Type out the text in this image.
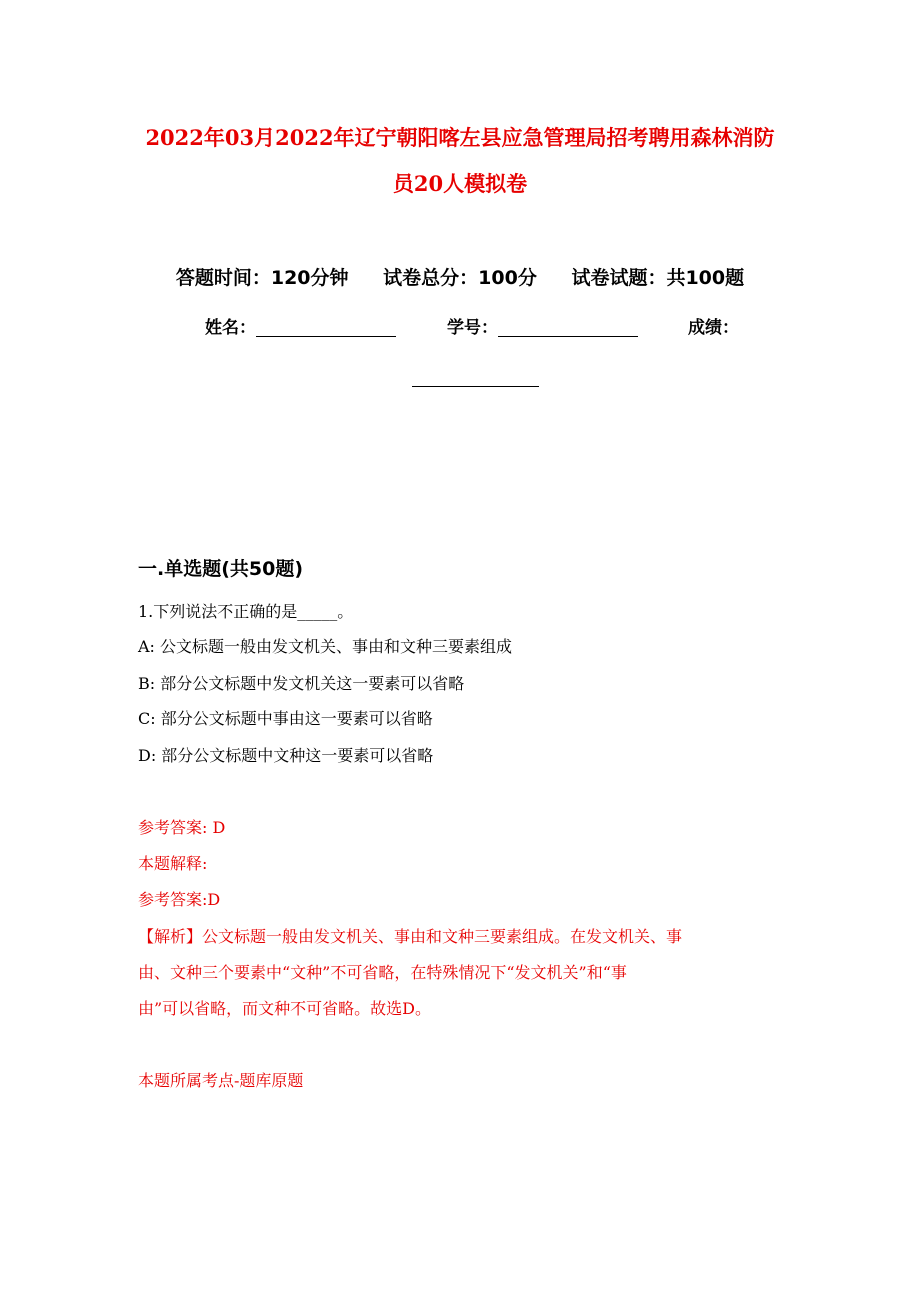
2022年03月2022年辽宁朝阳喀左县应急管理局招考聘用森林消防
员20人模拟卷
答题时间：120分钟 试卷总分：100分 试卷试题：共100题
姓名：	学号：	成绩：
一.单选题(共50题)
1.下列说法不正确的是_____。
A: 公文标题一般由发文机关、事由和文种三要素组成
B: 部分公文标题中发文机关这一要素可以省略
C: 部分公文标题中事由这一要素可以省略
D: 部分公文标题中文种这一要素可以省略
参考答案: D
本题解释:
参考答案:D
【解析】公文标题一般由发文机关、事由和文种三要素组成。在发文机关、事
由、文种三个要素中“文种”不可省略，在特殊情况下“发文机关”和“事
由”可以省略，而文种不可省略。故选D。
本题所属考点-题库原题
